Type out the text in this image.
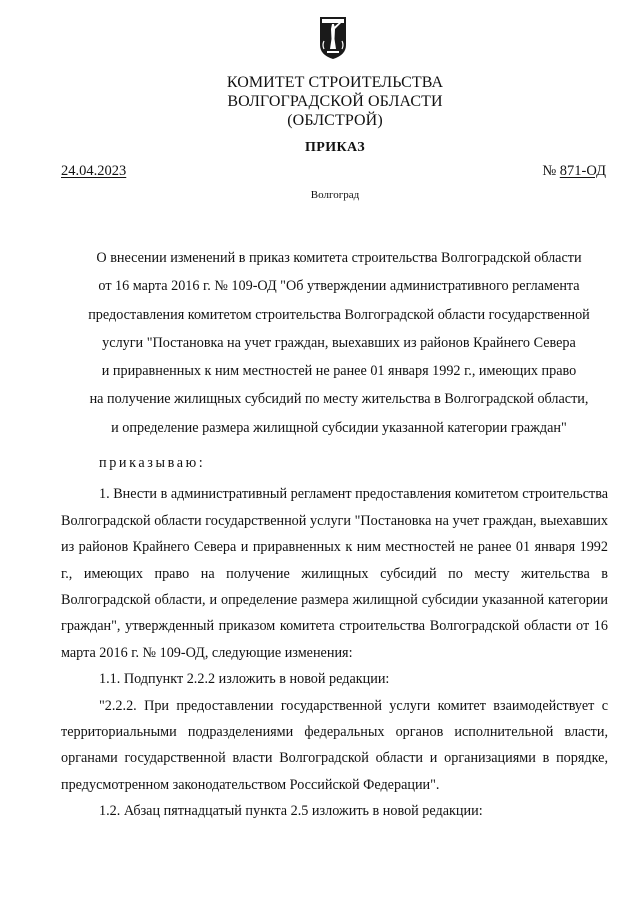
КОМИТЕТ СТРОИТЕЛЬСТВА
ВОЛГОГРАДСКОЙ ОБЛАСТИ
(ОБЛСТРОЙ)
ПРИКАЗ
24.04.2023	№ 871-ОД
Волгоград
О внесении изменений в приказ комитета строительства Волгоградской области
от 16 марта 2016 г. № 109-ОД "Об утверждении административного регламента
предоставления комитетом строительства Волгоградской области государственной
услуги "Постановка на учет граждан, выехавших из районов Крайнего Севера
и приравненных к ним местностей не ранее 01 января 1992 г., имеющих право
на получение жилищных субсидий по месту жительства в Волгоградской области,
и определение размера жилищной субсидии указанной категории граждан"
приказываю:
1. Внести в административный регламент предоставления комитетом строительства Волгоградской области государственной услуги "Постановка на учет граждан, выехавших из районов Крайнего Севера и приравненных к ним местностей не ранее 01 января 1992 г., имеющих право на получение жилищных субсидий по месту жительства в Волгоградской области, и определение размера жилищной субсидии указанной категории граждан", утвержденный приказом комитета строительства Волгоградской области от 16 марта 2016 г. № 109-ОД, следующие изменения:
1.1. Подпункт 2.2.2 изложить в новой редакции:
"2.2.2. При предоставлении государственной услуги комитет взаимодействует с территориальными подразделениями федеральных органов исполнительной власти, органами государственной власти Волгоградской области и организациями в порядке, предусмотренном законодательством Российской Федерации".
1.2. Абзац пятнадцатый пункта 2.5 изложить в новой редакции:
